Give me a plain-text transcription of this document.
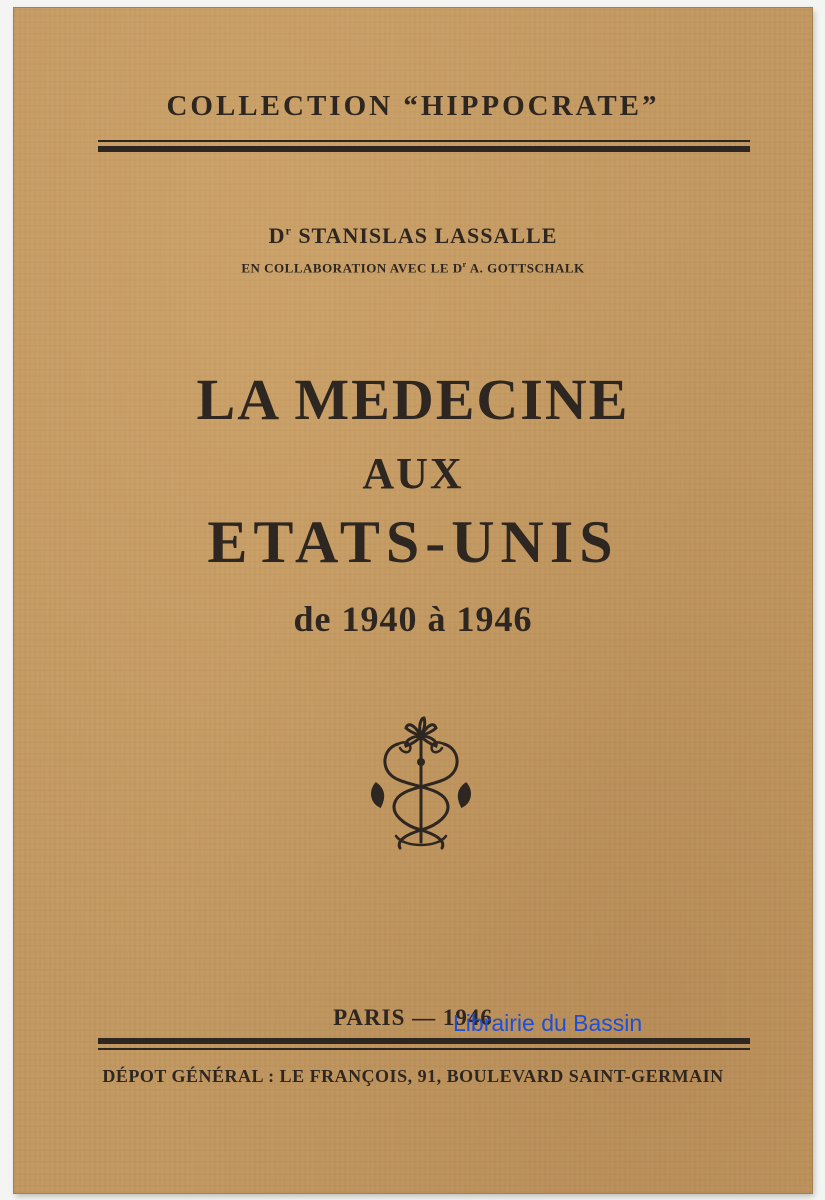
COLLECTION “HIPPOCRATE”
$D^r$ STANISLAS LASSALLE
EN COLLABORATION AVEC LE $D^r$ A. GOTTSCHALK
LA MEDECINE
AUX
ETATS-UNIS
de 1940 à 1946
PARIS — 1946
DÉPOT GÉNÉRAL : LE FRANÇOIS, 91, BOULEVARD SAINT-GERMAIN
Librairie du Bassin
